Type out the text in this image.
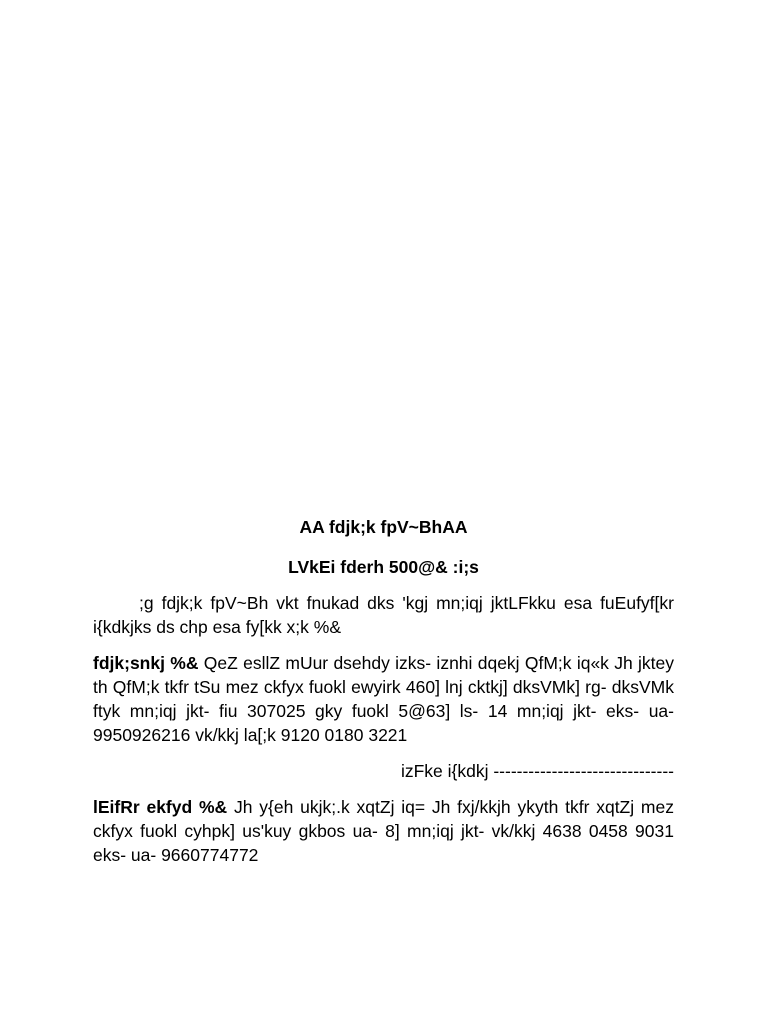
AA fdjk;k fpV~BhAA

LVkEi fderh 500@& :i;s

;g fdjk;k fpV~Bh vkt fnukad dks 'kgj mn;iqj jktLFkku esa fuEufyf[kr i{kdkjks ds chp esa fy[kk x;k %&

fdjk;snkj %& QeZ esllZ mUur dsehdy izks- iznhi dqekj QfM;k iq«k Jh jktey th QfM;k tkfr tSu mez ckfyx fuokl ewyirk 460] lnj cktkj] dksVMk] rg- dksVMk ftyk mn;iqj jkt- fiu 307025 gky fuokl 5@63] ls- 14 mn;iqj jkt- eks- ua- 9950926216 vk/kkj la[;k 9120 0180 3221

izFke i{kdkj -------------------------------

lEifRr ekfyd %& Jh y{eh ukjk;.k xqtZj iq= Jh fxj/kkjh ykyth tkfr xqtZj mez ckfyx fuokl cyhpk] us'kuy gkbos ua- 8] mn;iqj jkt- vk/kkj 4638 0458 9031 eks- ua- 9660774772
